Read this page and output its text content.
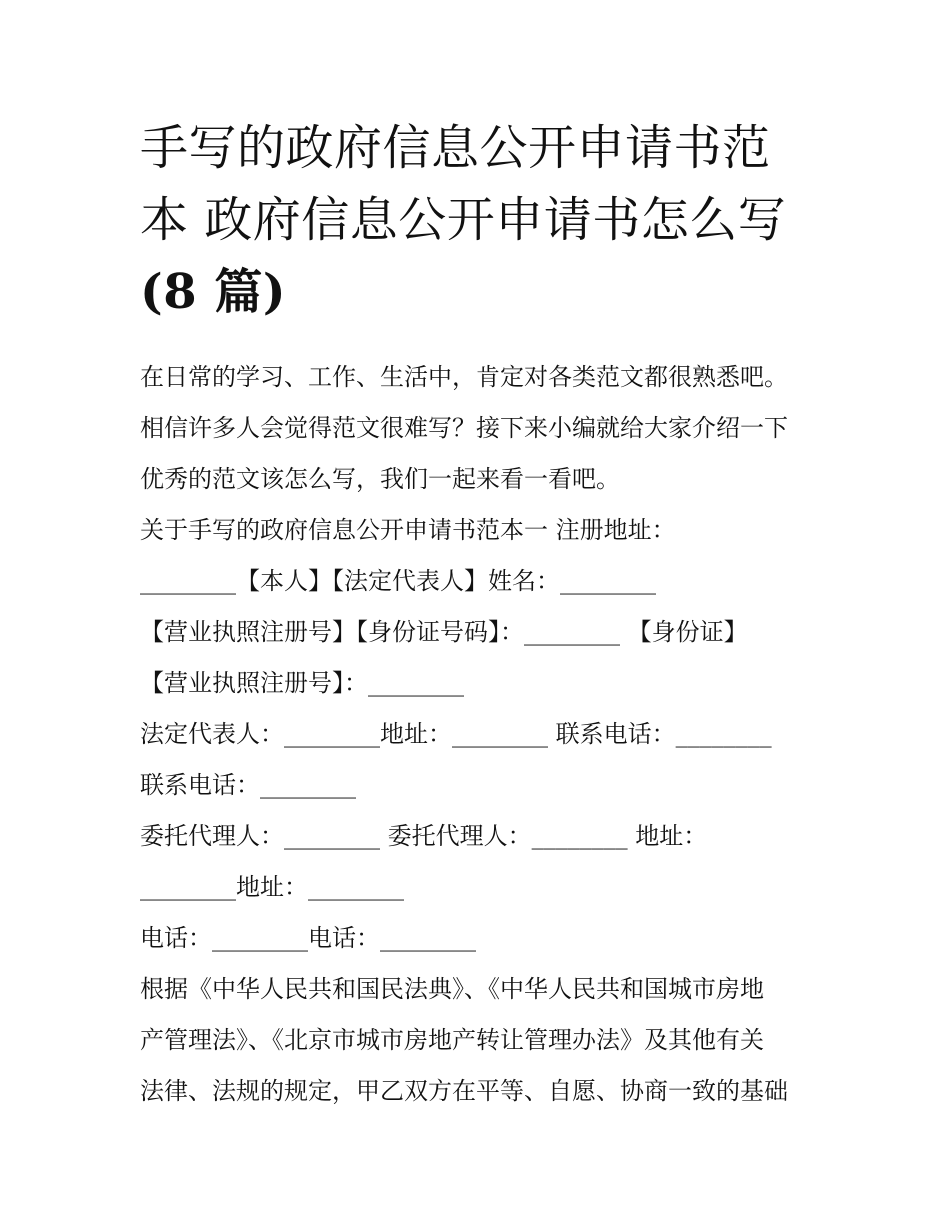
手写的政府信息公开申请书范
本 政府信息公开申请书怎么写
(8 篇)
在日常的学习、工作、生活中，肯定对各类范文都很熟悉吧。
相信许多人会觉得范文很难写？接下来小编就给大家介绍一下
优秀的范文该怎么写，我们一起来看一看吧。
关于手写的政府信息公开申请书范本一 注册地址：
________【本人】【法定代表人】姓名：________
【营业执照注册号】【身份证号码】：________ 【身份证】
【营业执照注册号】：________
法定代表人：________地址：________ 联系电话：________
联系电话：________
委托代理人：________ 委托代理人：________ 地址：
________地址：________
电话：________电话：________
根据《中华人民共和国民法典》、《中华人民共和国城市房地
产管理法》、《北京市城市房地产转让管理办法》及其他有关
法律、法规的规定，甲乙双方在平等、自愿、协商一致的基础
